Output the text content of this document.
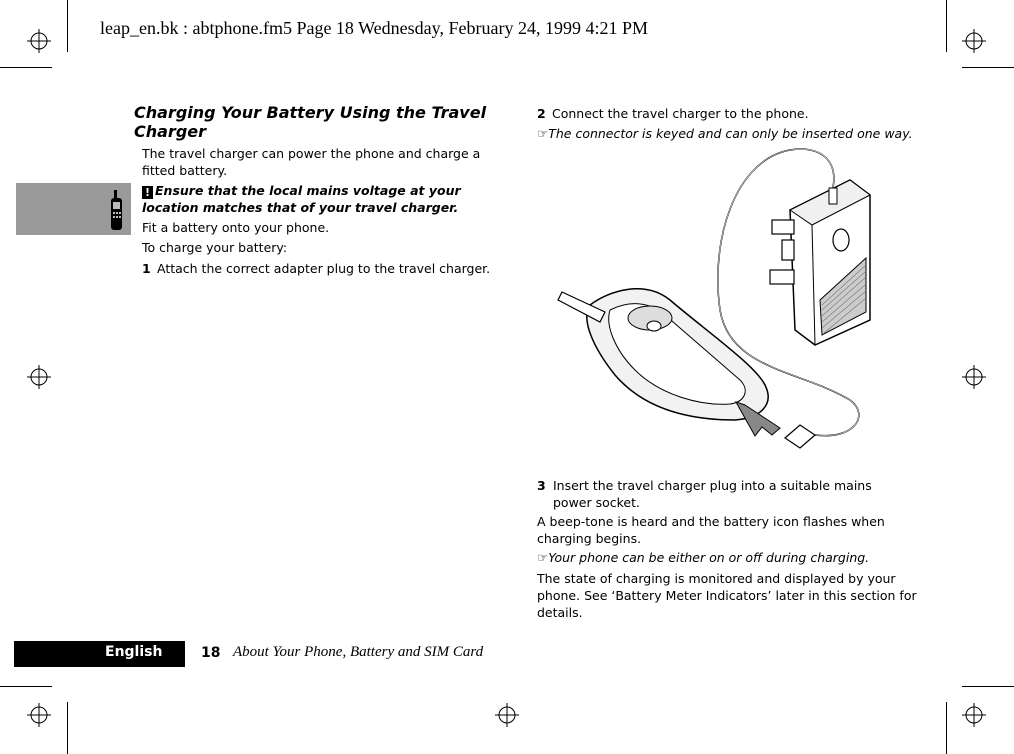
leap_en.bk : abtphone.fm5 Page 18 Wednesday, February 24, 1999 4:21 PM
Charging Your Battery Using the Travel Charger
The travel charger can power the phone and charge a fitted battery.
! Ensure that the local mains voltage at your location matches that of your travel charger.
Fit a battery onto your phone.
To charge your battery:
1 Attach the correct adapter plug to the travel charger.
2 Connect the travel charger to the phone.
☞The connector is keyed and can only be inserted one way.
3 Insert the travel charger plug into a suitable mains power socket.
A beep-tone is heard and the battery icon flashes when charging begins.
☞Your phone can be either on or off during charging.
The state of charging is monitored and displayed by your phone. See ‘Battery Meter Indicators’ later in this section for details.
English	18 About Your Phone, Battery and SIM Card
